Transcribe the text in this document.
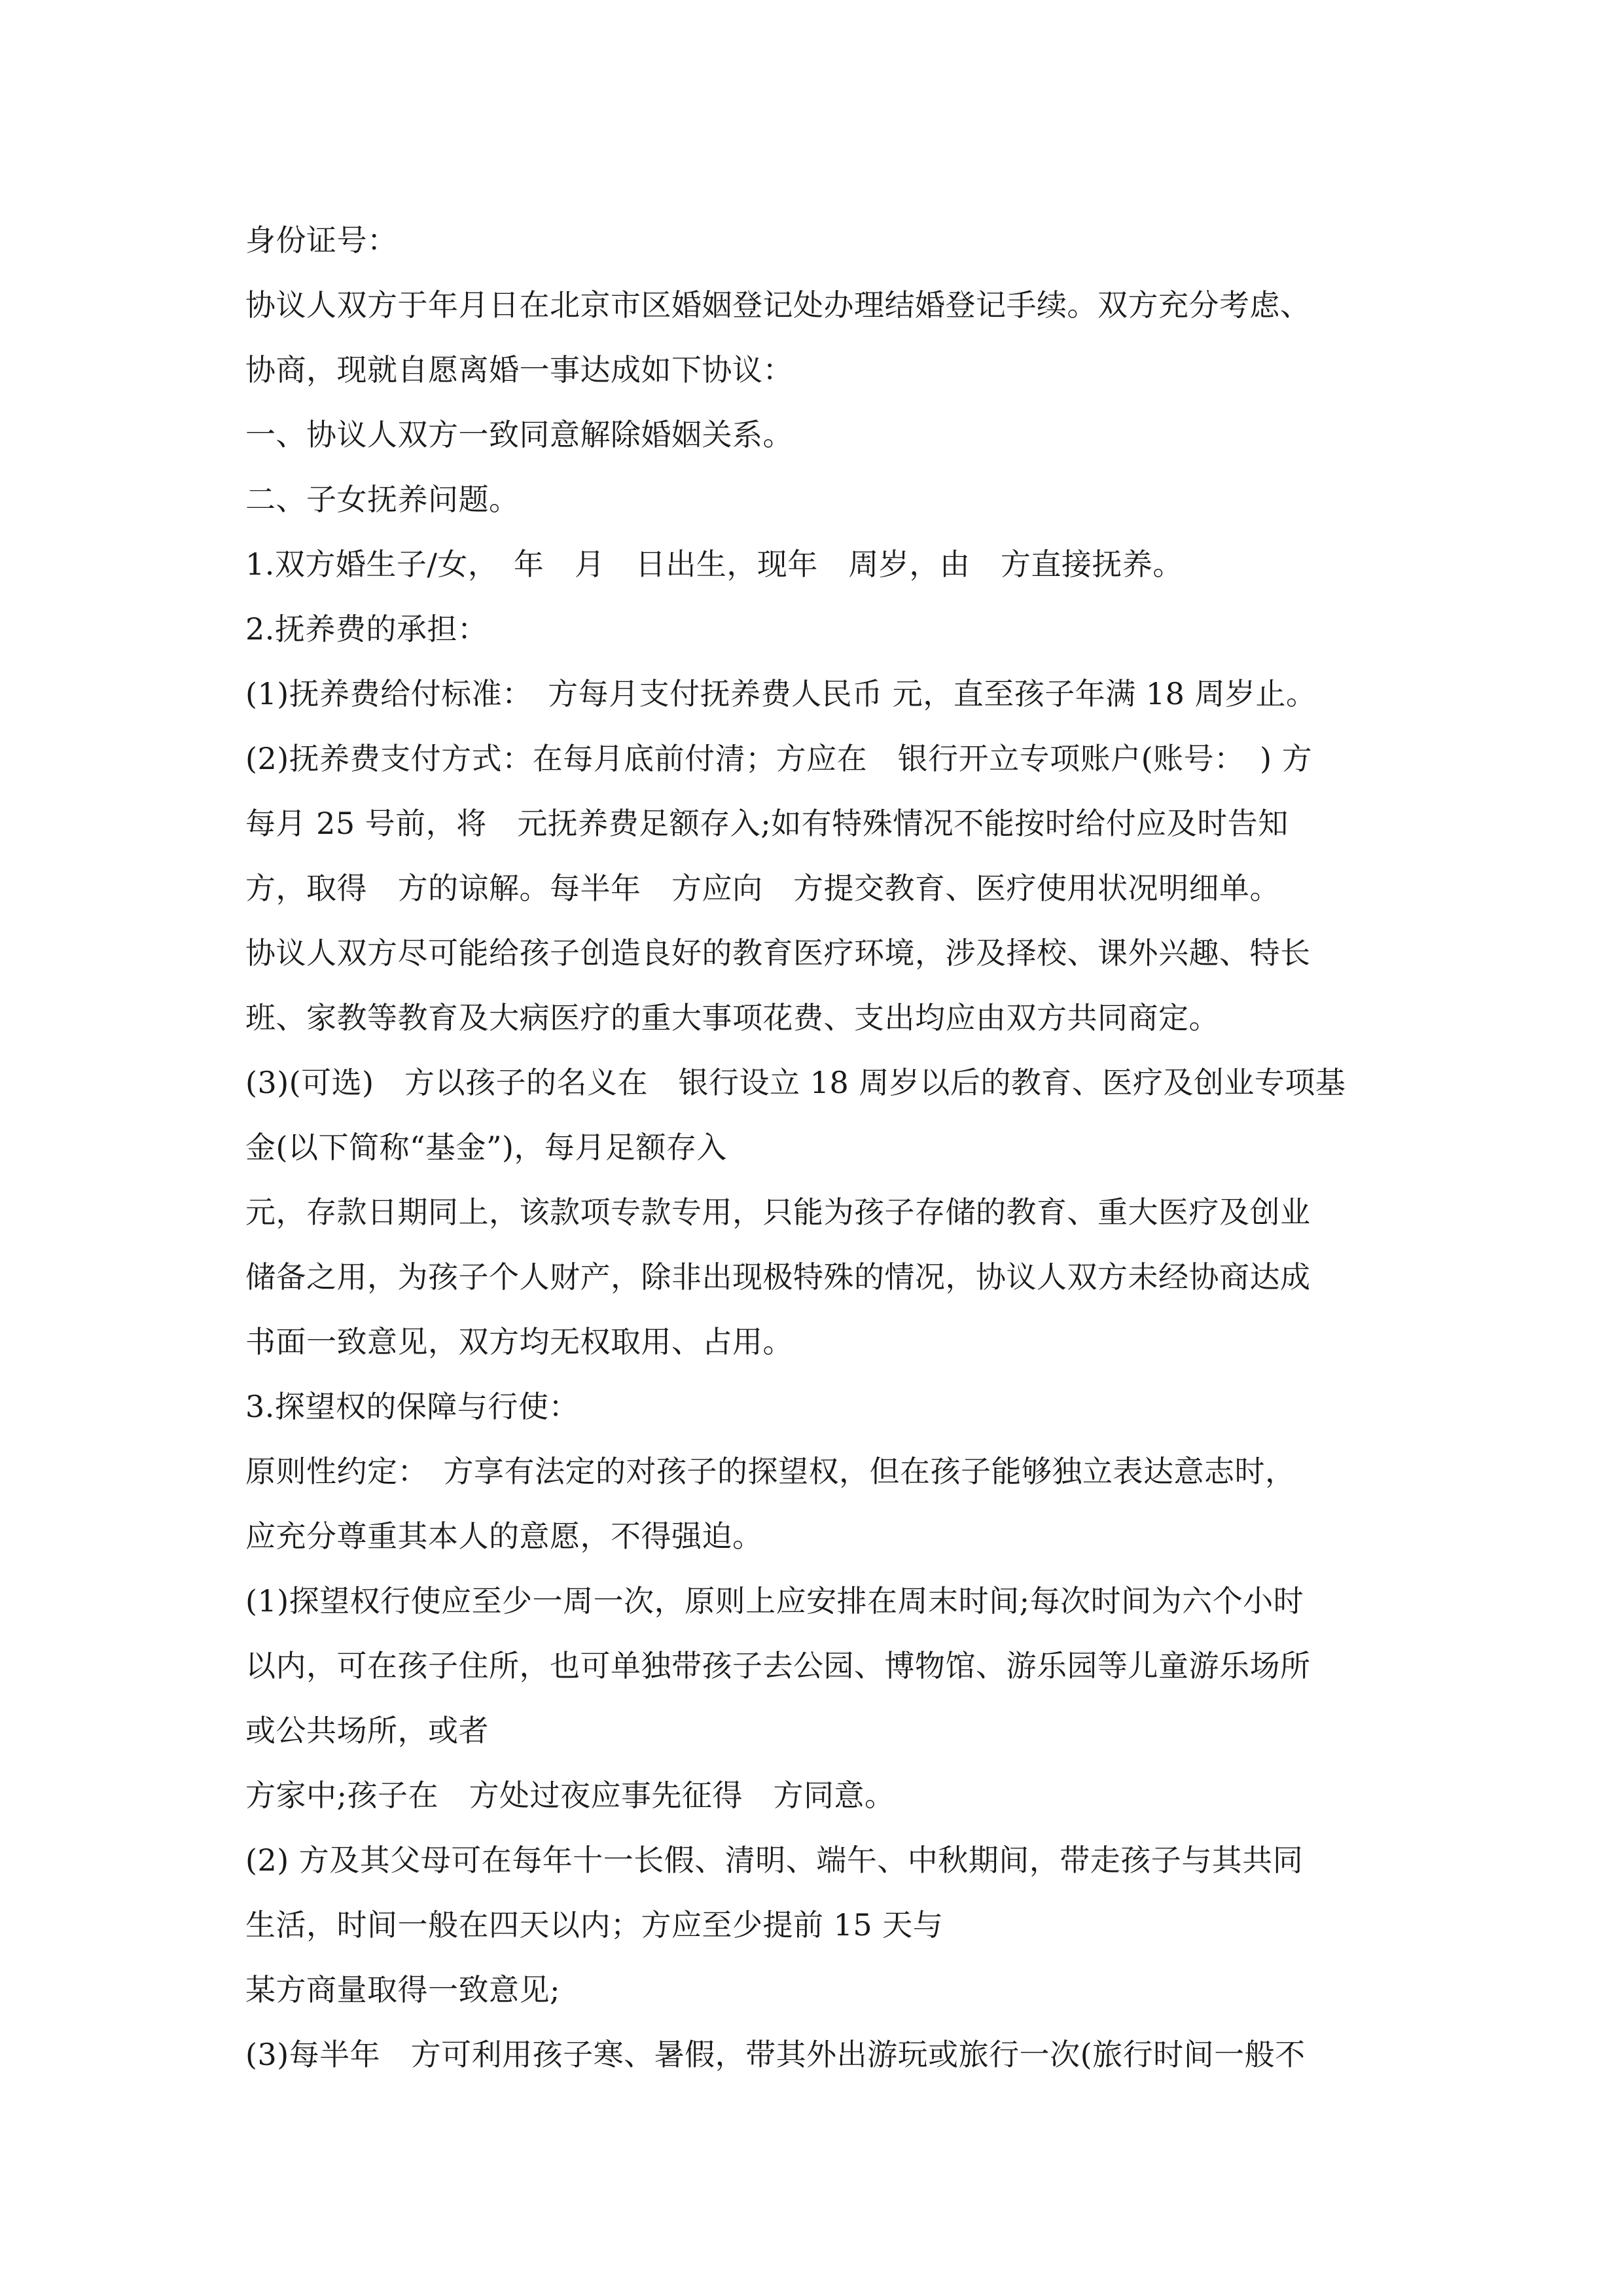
身份证号：
协议人双方于年月日在北京市区婚姻登记处办理结婚登记手续。双方充分考虑、
协商，现就自愿离婚一事达成如下协议：
一、协议人双方一致同意解除婚姻关系。
二、子女抚养问题。
1.双方婚生子/女，　年　月　日出生，现年　周岁，由　方直接抚养。
2.抚养费的承担：
(1)抚养费给付标准：　方每月支付抚养费人民币 元，直至孩子年满 18 周岁止。
(2)抚养费支付方式：在每月底前付清；方应在　银行开立专项账户(账号：　) 方
每月 25 号前，将　元抚养费足额存入;如有特殊情况不能按时给付应及时告知
方，取得　方的谅解。每半年　方应向　方提交教育、医疗使用状况明细单。
协议人双方尽可能给孩子创造良好的教育医疗环境，涉及择校、课外兴趣、特长
班、家教等教育及大病医疗的重大事项花费、支出均应由双方共同商定。
(3)(可选)　方以孩子的名义在　银行设立 18 周岁以后的教育、医疗及创业专项基
金(以下简称“基金”)，每月足额存入
元，存款日期同上，该款项专款专用，只能为孩子存储的教育、重大医疗及创业
储备之用，为孩子个人财产，除非出现极特殊的情况，协议人双方未经协商达成
书面一致意见，双方均无权取用、占用。
3.探望权的保障与行使：
原则性约定：　方享有法定的对孩子的探望权，但在孩子能够独立表达意志时，
应充分尊重其本人的意愿，不得强迫。
(1)探望权行使应至少一周一次，原则上应安排在周末时间;每次时间为六个小时
以内，可在孩子住所，也可单独带孩子去公园、博物馆、游乐园等儿童游乐场所
或公共场所，或者
方家中;孩子在　方处过夜应事先征得　方同意。
(2) 方及其父母可在每年十一长假、清明、端午、中秋期间，带走孩子与其共同
生活，时间一般在四天以内；方应至少提前 15 天与
某方商量取得一致意见;
(3)每半年　方可利用孩子寒、暑假，带其外出游玩或旅行一次(旅行时间一般不
